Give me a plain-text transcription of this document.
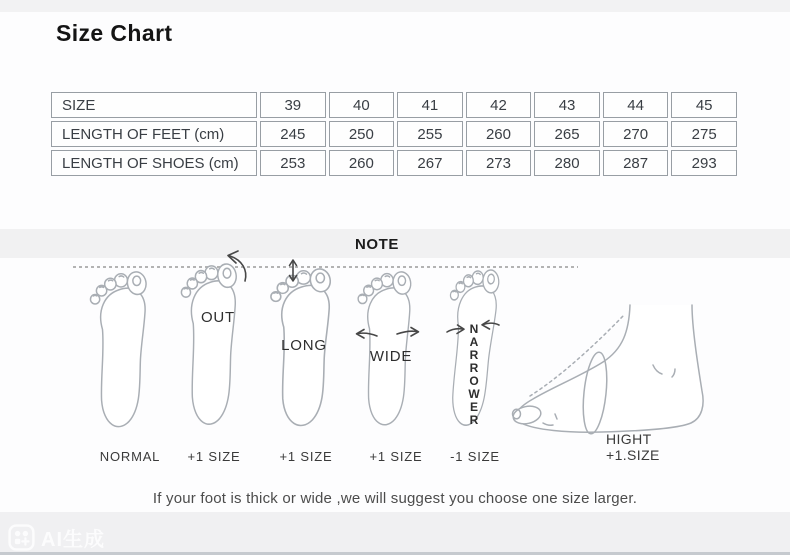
Size Chart
SIZE	39	40	41	42	43	44	45
LENGTH OF FEET (cm)	245	250	255	260	265	270	275
LENGTH OF SHOES (cm)	253	260	267	273	280	287	293
NOTE
OUT
LONG
WIDE	NARROWER
NORMAL +1 SIZE	+1 SIZE	+1 SIZE -1 SIZE
HIGHT
+1.SIZE
If your foot is thick or wide ,we will suggest you choose one size larger.
AI生成
